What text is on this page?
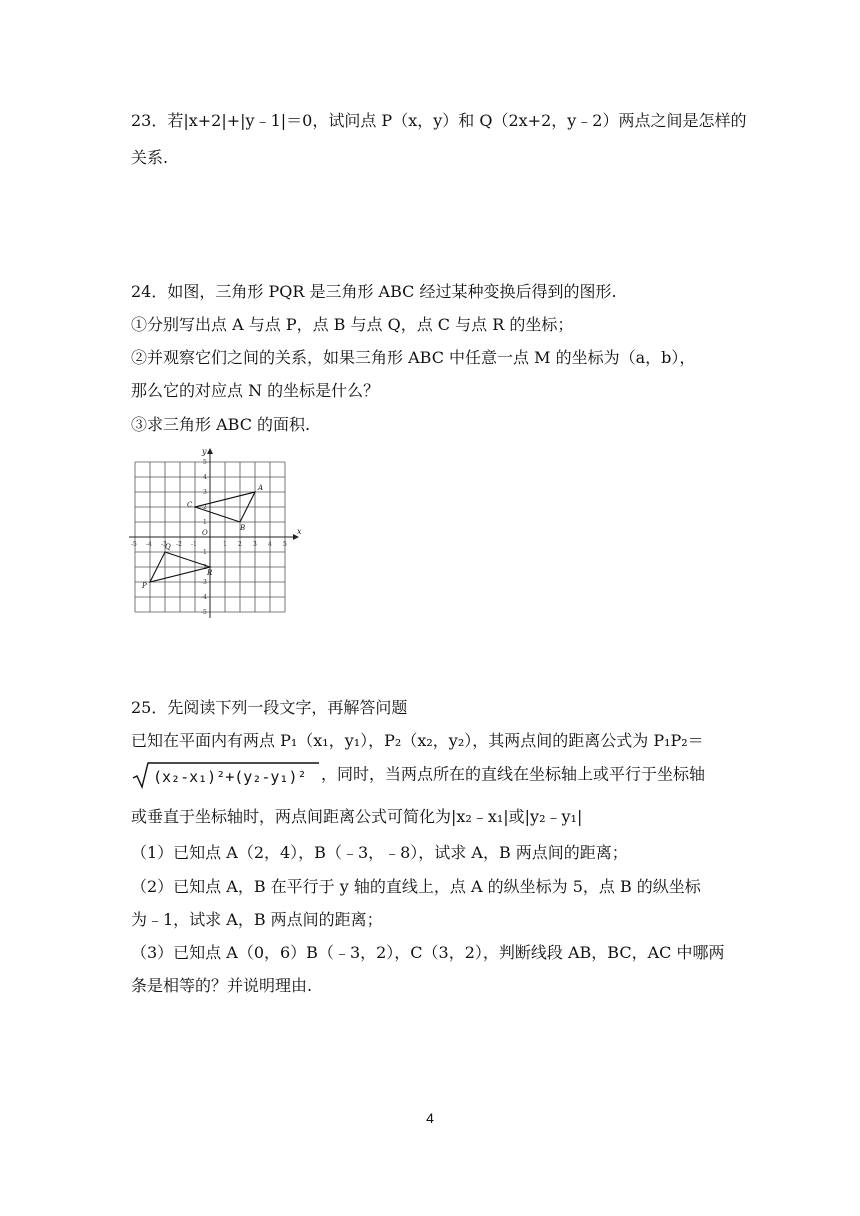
23．若|x+2|+|y﹣1|＝0，试问点 P（x，y）和 Q（2x+2，y﹣2）两点之间是怎样的
关系.
24．如图，三角形 PQR 是三角形 ABC 经过某种变换后得到的图形.
①分别写出点 A 与点 P，点 B 与点 Q，点 C 与点 R 的坐标；
②并观察它们之间的关系，如果三角形 ABC 中任意一点 M 的坐标为（a，b），
那么它的对应点 N 的坐标是什么？
③求三角形 ABC 的面积.
x
y
O
-5 -4 -3 -2 -1	1 2 3 4 5
5
4
3
2
1
-1
-2
-3
-4
-5
A
B
C
P
Q
R
25．先阅读下列一段文字，再解答问题
已知在平面内有两点 P₁（x₁，y₁），P₂（x₂，y₂），其两点间的距离公式为 P₁P₂＝
(x₂-x₁)²+(y₂-y₁)² ，同时，当两点所在的直线在坐标轴上或平行于坐标轴
或垂直于坐标轴时，两点间距离公式可简化为|x₂﹣x₁|或|y₂﹣y₁|
（1）已知点 A（2，4），B（﹣3，﹣8），试求 A，B 两点间的距离；
（2）已知点 A，B 在平行于 y 轴的直线上，点 A 的纵坐标为 5，点 B 的纵坐标
为﹣1，试求 A，B 两点间的距离；
（3）已知点 A（0，6）B（﹣3，2），C（3，2），判断线段 AB，BC，AC 中哪两
条是相等的？并说明理由.
4
